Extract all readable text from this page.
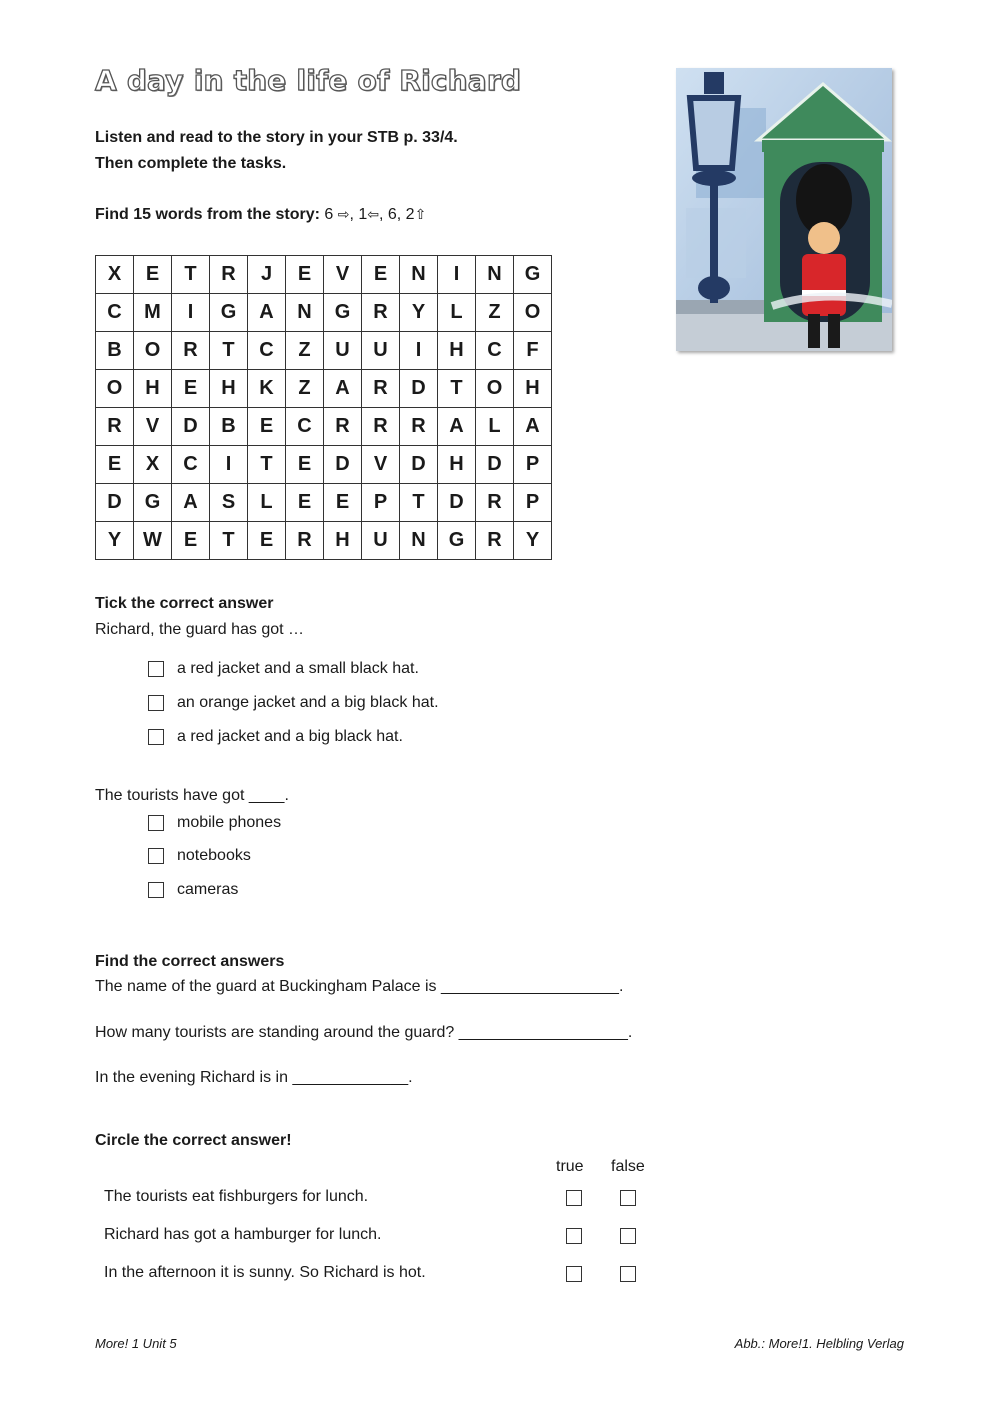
A day in the life of Richard
Listen and read to the story in your STB p. 33/4.
Then complete the tasks.
Find 15 words from the story: 6 ⇨, 1⇦, 6, 2⇧
X	E	T	R	J	E	V	E	N	I	N	G
C	M	I	G	A	N	G	R	Y	L	Z	O
B	O	R	T	C	Z	U	U	I	H	C	F
O	H	E	H	K	Z	A	R	D	T	O	H
R	V	D	B	E	C	R	R	R	A	L	A
E	X	C	I	T	E	D	V	D	H	D	P
D	G	A	S	L	E	E	P	T	D	R	P
Y	W	E	T	E	R	H	U	N	G	R	Y
Tick the correct answer
Richard, the guard has got …
a red jacket and a small black hat.
an orange jacket and a big black hat.
a red jacket and a big black hat.
The tourists have got ____.
mobile phones
notebooks
cameras
Find the correct answers
The name of the guard at Buckingham Palace is ____________________.
How many tourists are standing around the guard? ___________________.
In the evening Richard is in _____________.
Circle the correct answer!
true false
The tourists eat fishburgers for lunch.
Richard has got a hamburger for lunch.
In the afternoon it is sunny. So Richard is hot.
More! 1 Unit 5	Abb.: More!1. Helbling Verlag
